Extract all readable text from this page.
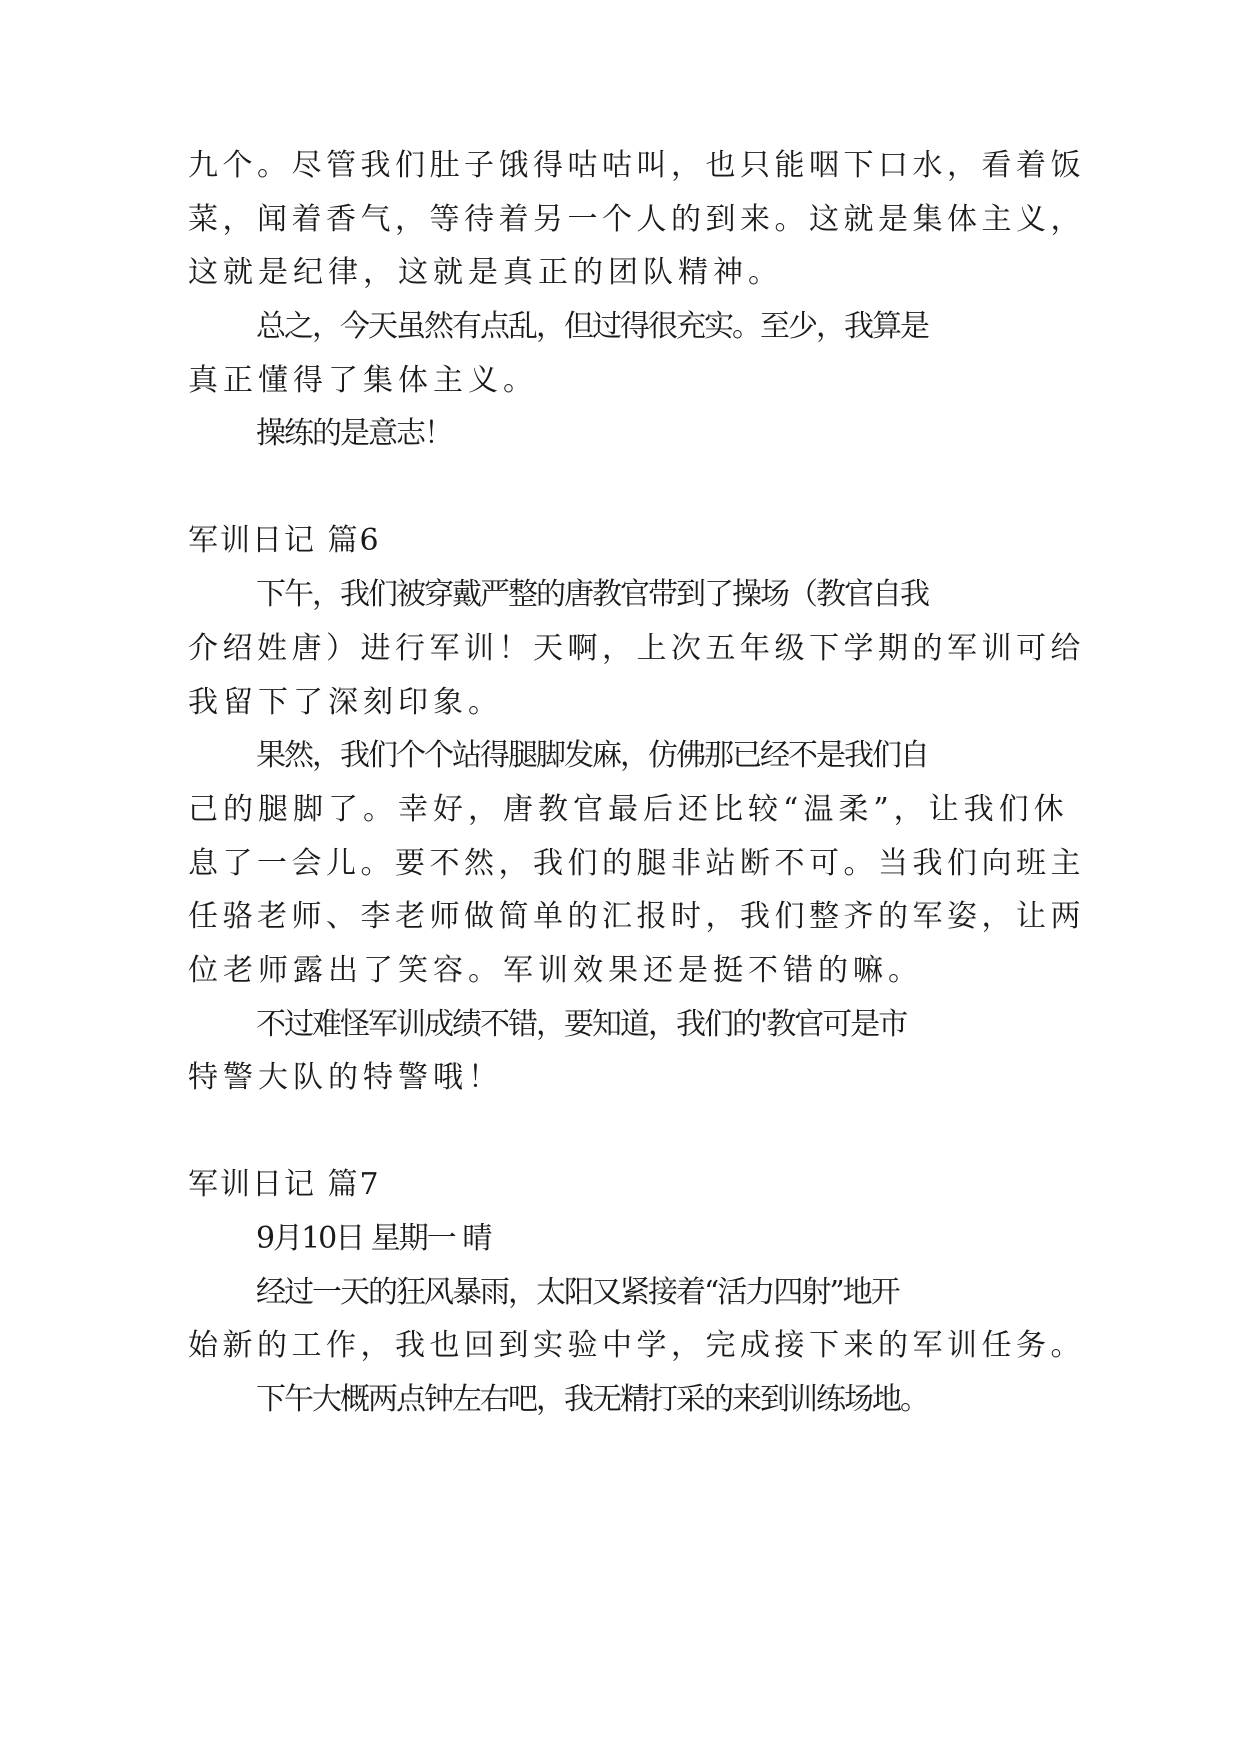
九个。尽管我们肚子饿得咕咕叫，也只能咽下口水，看着饭
菜，闻着香气，等待着另一个人的到来。这就是集体主义，
这就是纪律，这就是真正的团队精神。
总之，今天虽然有点乱，但过得很充实。至少，我算是
真正懂得了集体主义。
操练的是意志！
军训日记 篇6
下午，我们被穿戴严整的唐教官带到了操场（教官自我
介绍姓唐）进行军训！天啊，上次五年级下学期的军训可给
我留下了深刻印象。
果然，我们个个站得腿脚发麻，仿佛那已经不是我们自
己的腿脚了。幸好，唐教官最后还比较“温柔”，让我们休
息了一会儿。要不然，我们的腿非站断不可。当我们向班主
任骆老师、李老师做简单的汇报时，我们整齐的军姿，让两
位老师露出了笑容。军训效果还是挺不错的嘛。
不过难怪军训成绩不错，要知道，我们的'教官可是市
特警大队的特警哦！
军训日记 篇7
9月10日 星期一 晴
经过一天的狂风暴雨，太阳又紧接着“活力四射”地开
始新的工作，我也回到实验中学，完成接下来的军训任务。
下午大概两点钟左右吧，我无精打采的来到训练场地。
